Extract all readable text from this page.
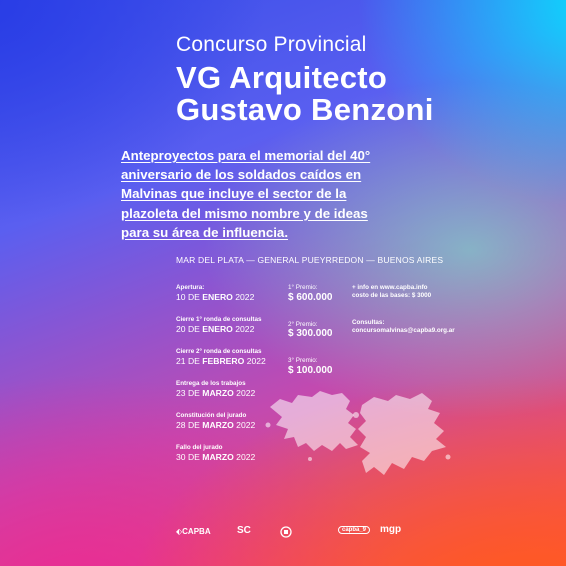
Concurso Provincial
VG Arquitecto
Gustavo Benzoni
Anteproyectos para el memorial del 40°
aniversario de los soldados caídos en
Malvinas que incluye el sector de la
plazoleta del mismo nombre y de ideas
para su área de influencia.
MAR DEL PLATA — GENERAL PUEYRREDON — BUENOS AIRES
Apertura:
10 DE ENERO 2022
Cierre 1° ronda de consultas
20 DE ENERO 2022
Cierre 2° ronda de consultas
21 DE FEBRERO 2022
Entrega de los trabajos
23 DE MARZO 2022
Constitución del jurado
28 DE MARZO 2022
Fallo del jurado
30 DE MARZO 2022
1° Premio:
$ 600.000
2° Premio:
$ 300.000
3° Premio:
$ 100.000
+ info en www.capba.info
costo de las bases: $ 3000
Consultas:
concursomalvinas@capba9.org.ar
⬖CAPBA	SC	capba_9	mgp
